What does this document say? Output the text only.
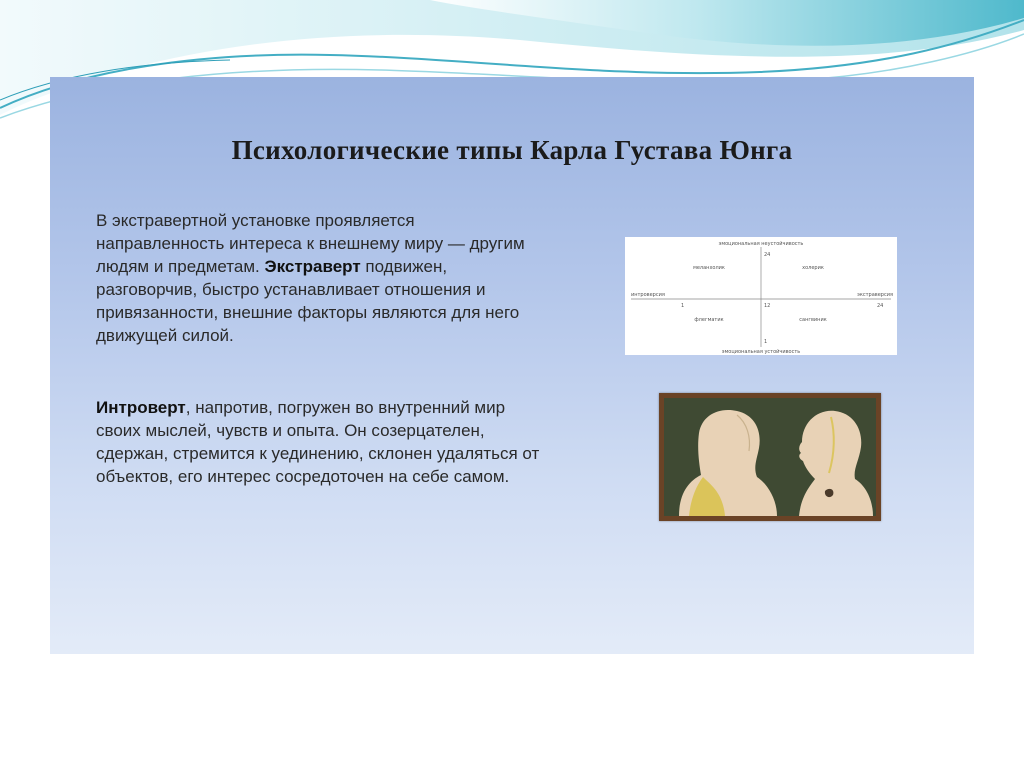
Психологические типы Карла Густава Юнга

В экстравертной установке проявляется направленность интереса к внешнему миру — другим людям и предметам. Экстраверт подвижен, разговорчив, быстро устанавливает отношения и привязанности, внешние факторы являются для него движущей силой.

Интроверт, напротив, погружен во внутренний мир своих мыслей, чувств и опыта. Он созерцателен, сдержан, стремится к уединению, склонен удаляться от объектов, его интерес сосредоточен на себе самом.

эмоциональная неустойчивость
эмоциональная устойчивость
интроверсия	экстраверсия
меланхолик	холерик
флегматик	сангвиник
24
12	24
1
1
